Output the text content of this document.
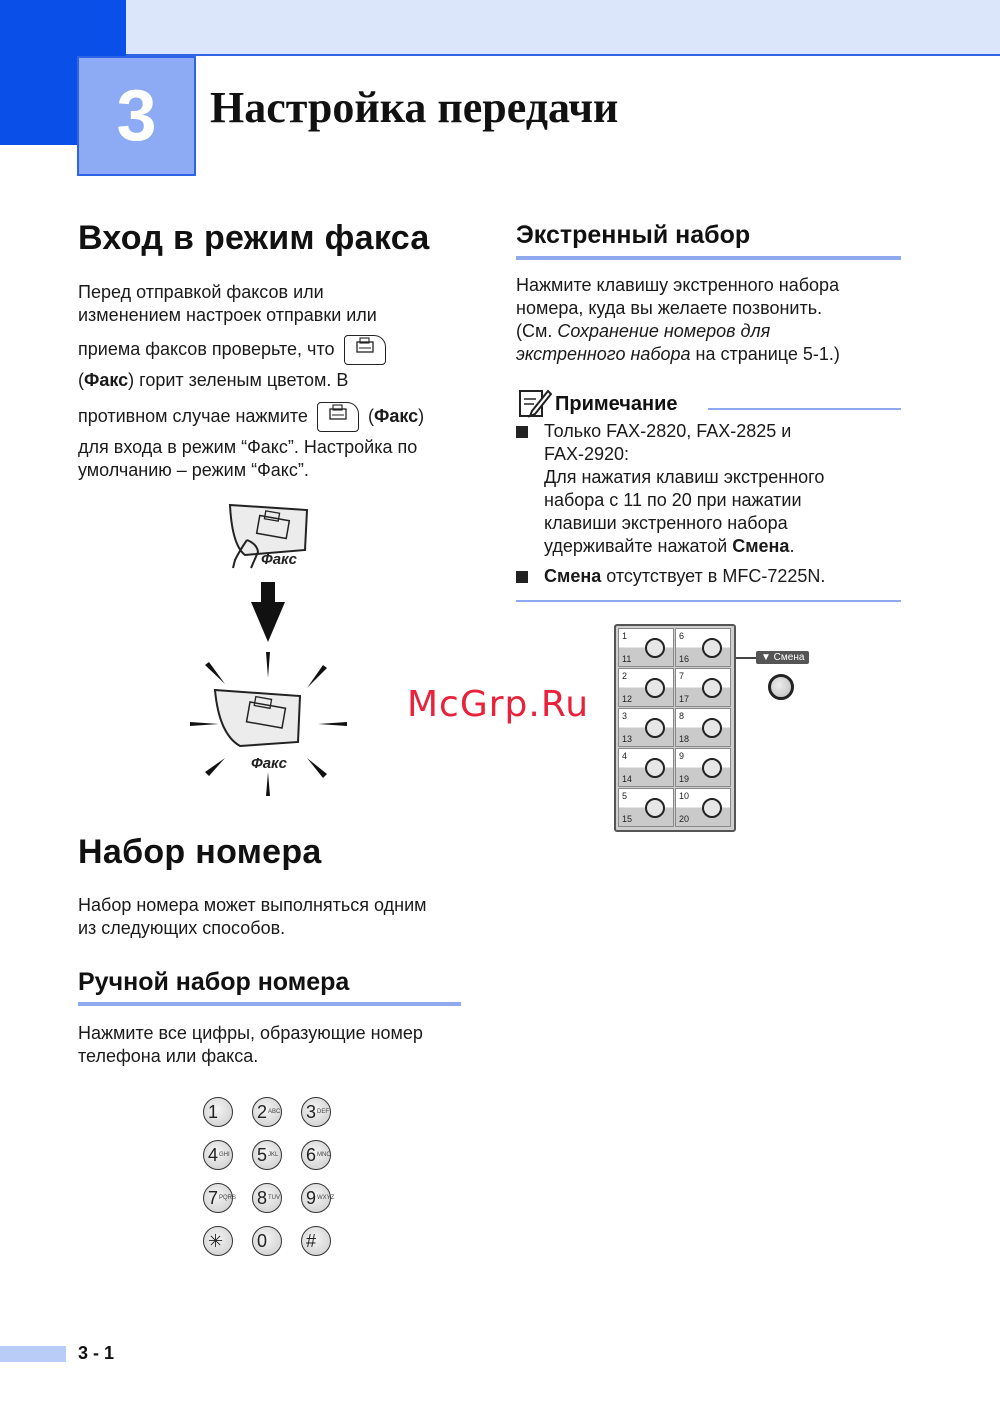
3	Настройка передачи
Вход в режим факса
Перед отправкой факсов или
изменением настроек отправки или
приема факсов проверьте, что
(Факс) горит зеленым цветом. В
противном случае нажмите	(Факс)
для входа в режим “Факс”. Настройка по
умолчанию – режим “Факс”.
Факс
Факс
Набор номера
Набор номера может выполняться одним
из следующих способов.
Ручной набор номера
Нажмите все цифры, образующие номер
телефона или факса.
1 2 ABC 3 DEF
4 GHI 5 JKL 6 MNO
7 PQRS 8 TUV 9 WXYZ
✳ 0 #
Экстренный набор
Нажмите клавишу экстренного набора
номера, куда вы желаете позвонить.
(См. Сохранение номеров для
экстренного набора на странице 5-1.)
Примечание
Только FAX-2820, FAX-2825 и
FAX-2920:
Для нажатия клавиш экстренного
набора с 11 по 20 при нажатии
клавиши экстренного набора
удерживайте нажатой Смена.
Смена отсутствует в MFC-7225N.
1
11
6
16
2
12
7
17
3
13
8
18
4
14
9
19
5
15
10
20
▼ Смена
McGrp.Ru
3 - 1
